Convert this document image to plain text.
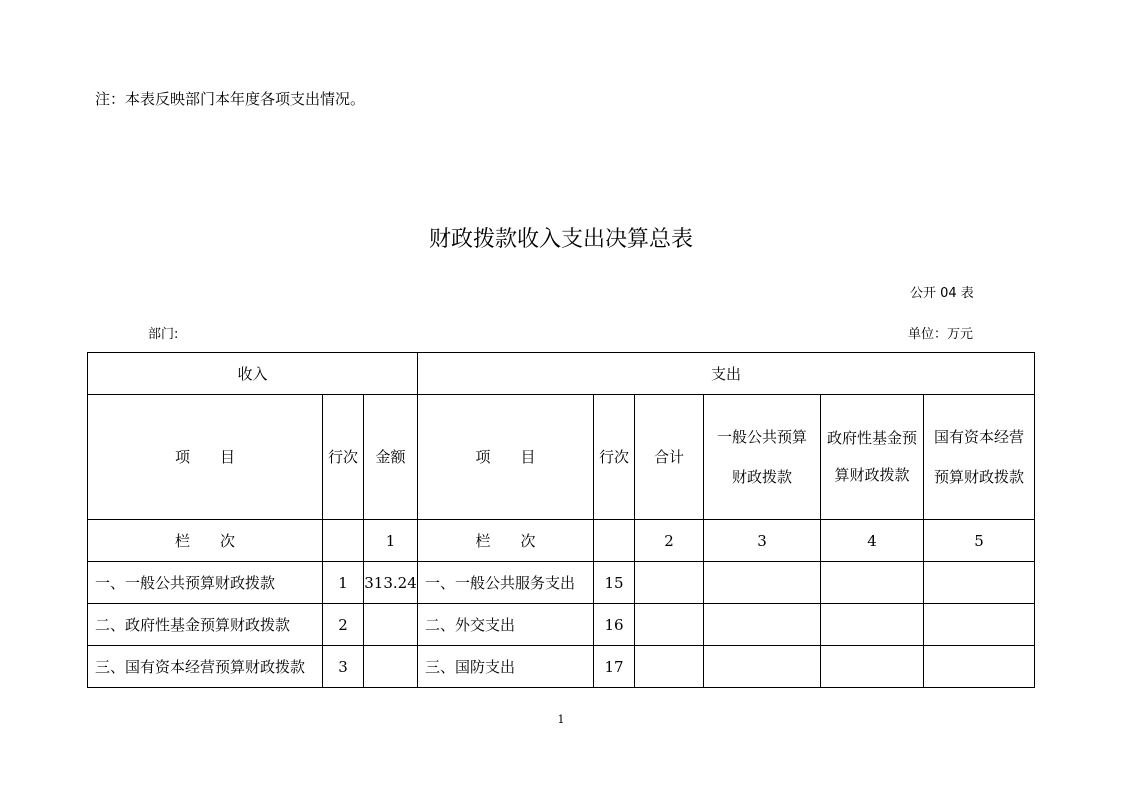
注：本表反映部门本年度各项支出情况。
财政拨款收入支出决算总表
公开 04 表
部门:	单位：万元
收入			支出					
项　　目	行次	金额	项　　目	行次	合计	一般公共预算财政拨款	政府性基金预算财政拨款	国有资本经营预算财政拨款
栏　　次		1	栏　　次		2	3	4	5
一、一般公共预算财政拨款	1	313.24	一、一般公共服务支出	15				
二、政府性基金预算财政拨款	2		二、外交支出	16				
三、国有资本经营预算财政拨款	3		三、国防支出	17				
1
